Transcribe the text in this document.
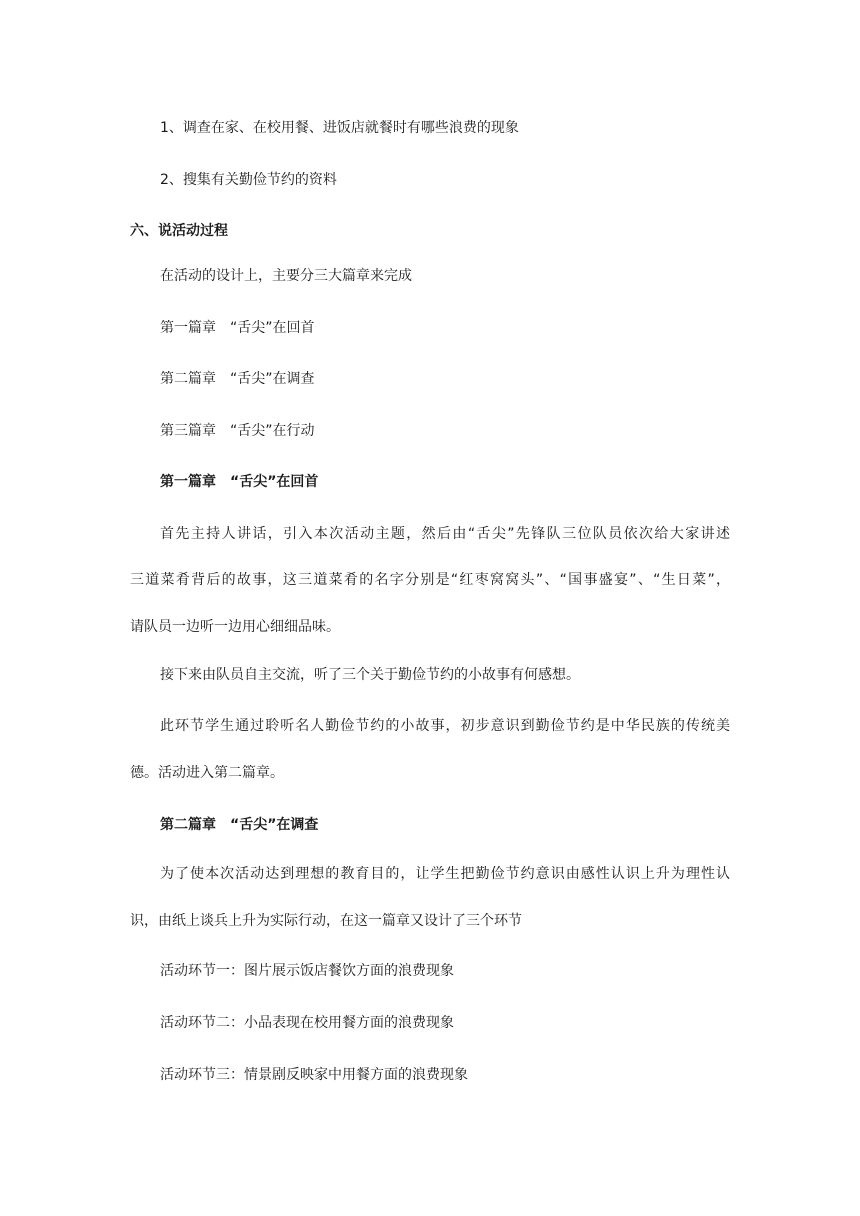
1、调查在家、在校用餐、进饭店就餐时有哪些浪费的现象
2、搜集有关勤俭节约的资料
六、说活动过程
在活动的设计上，主要分三大篇章来完成
第一篇章　“舌尖”在回首
第二篇章　“舌尖”在调查
第三篇章　“舌尖”在行动
第一篇章　“舌尖”在回首
首先主持人讲话，引入本次活动主题，然后由“舌尖”先锋队三位队员依次给大家讲述
三道菜肴背后的故事，这三道菜肴的名字分别是“红枣窝窝头”、“国事盛宴”、“生日菜”，
请队员一边听一边用心细细品味。
接下来由队员自主交流，听了三个关于勤俭节约的小故事有何感想。
此环节学生通过聆听名人勤俭节约的小故事，初步意识到勤俭节约是中华民族的传统美
德。活动进入第二篇章。
第二篇章　“舌尖”在调查
为了使本次活动达到理想的教育目的，让学生把勤俭节约意识由感性认识上升为理性认
识，由纸上谈兵上升为实际行动，在这一篇章又设计了三个环节
活动环节一：图片展示饭店餐饮方面的浪费现象
活动环节二：小品表现在校用餐方面的浪费现象
活动环节三：情景剧反映家中用餐方面的浪费现象
